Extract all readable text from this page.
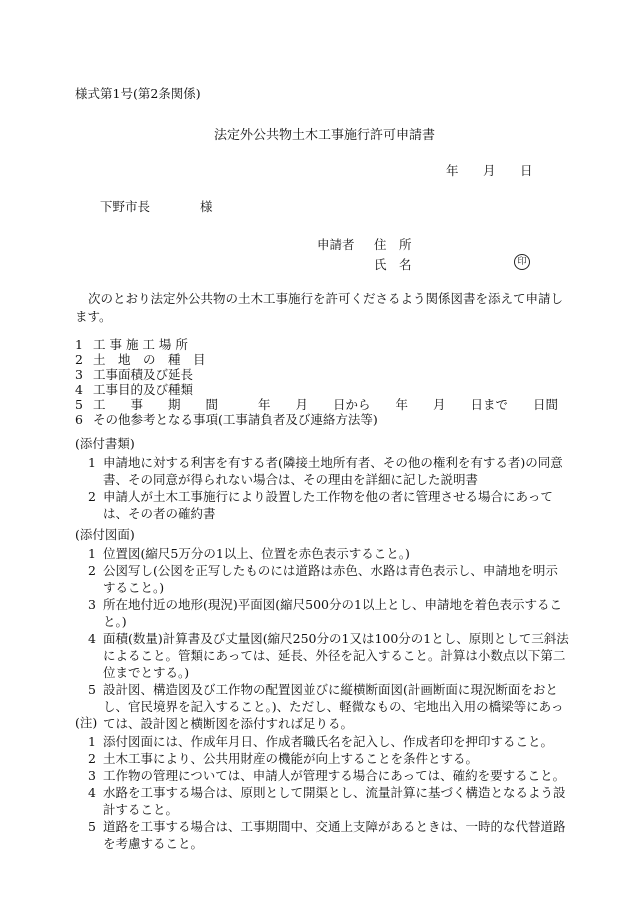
様式第1号(第2条関係)
法定外公共物土木工事施行許可申請書
年 月 日
下野市長	様
申請者 住　所
氏　名	印
次のとおり法定外公共物の土木工事施行を許可くださるよう関係図書を添えて申請します。
1 工 事 施 工 場 所
2 土　地　の　種　目
3 工事面積及び延長
4 工事目的及び種類
5 工　　事　　期　　間	年　　月　　日から　　年　　月　　日まで　　日間
6 その他参考となる事項(工事請負者及び連絡方法等)
(添付書類)
1 申請地に対する利害を有する者(隣接土地所有者、その他の権利を有する者)の同意書、その同意が得られない場合は、その理由を詳細に記した説明書
2 申請人が土木工事施行により設置した工作物を他の者に管理させる場合にあっては、その者の確約書
(添付図面)
1 位置図(縮尺5万分の1以上、位置を赤色表示すること。)
2 公図写し(公図を正写したものには道路は赤色、水路は青色表示し、申請地を明示すること。)
3 所在地付近の地形(現況)平面図(縮尺500分の1以上とし、申請地を着色表示すること。)
4 面積(数量)計算書及び丈量図(縮尺250分の1又は100分の1とし、原則として三斜法によること。管類にあっては、延長、外径を記入すること。計算は小数点以下第二位までとする。)
5 設計図、構造図及び工作物の配置図並びに縦横断面図(計画断面に現況断面をおとし、官民境界を記入すること。)、ただし、軽微なもの、宅地出入用の橋梁等にあっては、設計図と横断図を添付すれば足りる。
(注)
1 添付図面には、作成年月日、作成者職氏名を記入し、作成者印を押印すること。
2 土木工事により、公共用財産の機能が向上することを条件とする。
3 工作物の管理については、申請人が管理する場合にあっては、確約を要すること。
4 水路を工事する場合は、原則として開渠とし、流量計算に基づく構造となるよう設計すること。
5 道路を工事する場合は、工事期間中、交通上支障があるときは、一時的な代替道路を考慮すること。
